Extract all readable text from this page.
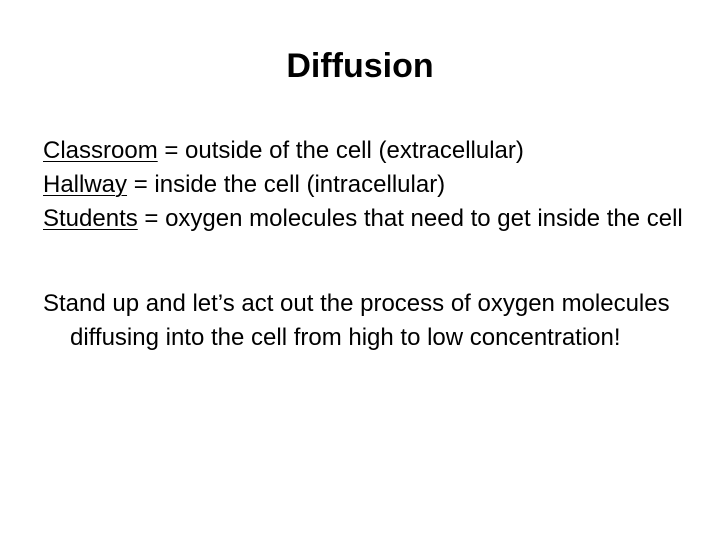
Diffusion

Classroom = outside of the cell (extracellular)

Hallway = inside the cell (intracellular)

Students = oxygen molecules that need to get inside the cell

Stand up and let’s act out the process of oxygen molecules diffusing into the cell from high to low concentration!
